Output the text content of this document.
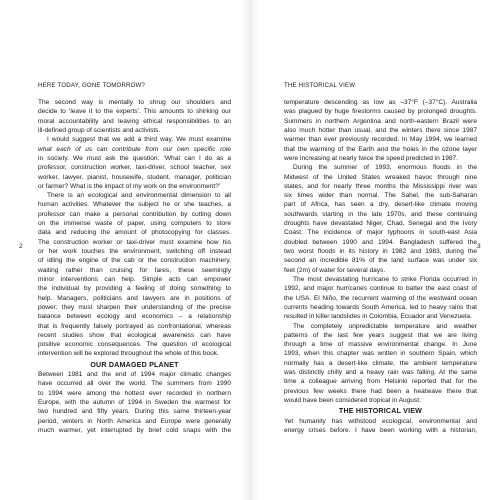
HERE TODAY, GONE TOMORROW?
2
The second way is mentally to shrug our shoulders and
decide to ‘leave it to the experts’. This amounts to shirking our
moral accountability and leaving ethical responsibilities to an
ill-defined group of scientists and activists.
I would suggest that we add a third way. We must examine
what each of us can contribute from our own specific role
in society. We must ask the question: ‘What can I do as a
professor, construction worker, taxi-driver, school teacher, sex
worker, lawyer, pianist, housewife, student, manager, politician
or farmer? What is the impact of my work on the environment?’
There is an ecological and environmental dimension to all
human activities. Whatever the subject he or she teaches, a
professor can make a personal contribution by cutting down
on the immense waste of paper, using computers to store
data and reducing the amount of photocopying for classes.
The construction worker or taxi-driver must examine how his
or her work touches the environment, switching off instead
of idling the engine of the cab or the construction machinery,
waiting rather than cruising for fares, these seemingly
minor interventions can help. Simple acts can empower
the individual by providing a feeling of doing something to
help. Managers, politicians and lawyers are in positions of
power; they must sharpen their understanding of the precise
balance between ecology and economics – a relationship
that is frequently falsely portrayed as confrontational, whereas
recent studies show that ecological awareness can have
positive economic consequences. The question of ecological
intervention will be explored throughout the whole of this book.
OUR DAMAGED PLANET
Between 1981 and the end of 1994 major climatic changes
have occurred all over the world. The summers from 1990
to 1994 were among the hottest ever recorded in northern
Europe, with the autumn of 1994 in Sweden the warmest for
two hundred and fifty years. During this same thirteen-year
period, winters in North America and Europe were generally
much warmer, yet interrupted by brief cold snaps with the
THE HISTORICAL VIEW
3
temperature descending as low as –37°F (–37°C). Australia
was plagued by huge firestorms caused by prolonged droughts.
Summers in northern Argentina and north-eastern Brazil were
also much hotter than usual, and the winters there since 1987
warmer than ever previously recorded. In May 1994, we learned
that the warming of the Earth and the holes in the ozone layer
were increasing at nearly twice the speed predicted in 1987.
During the summer of 1993, enormous floods in the
Midwest of the United States wreaked havoc through nine
states, and for nearly three months the Mississippi river was
six times wider than normal. The Sahel, the sub-Saharan
part of Africa, has seen a dry, desert-like climate moving
southwards starting in the late 1970s, and these continuing
droughts have devastated Niger, Chad, Senegal and the Ivory
Coast. The incidence of major typhoons in south-east Asia
doubled between 1990 and 1994. Bangladesh suffered the
two worst floods in its history in 1982 and 1983, during the
second an incredible 81% of the land surface was under six
feet (2m) of water for several days.
The most devastating hurricane to strike Florida occurred in
1992, and major hurricanes continue to batter the east coast of
the USA. El Niño, the recurrent warming of the westward ocean
currents heading towards South America, led to heavy rains that
resulted in killer landslides in Colombia, Ecuador and Venezuela.
The completely unpredictable temperature and weather
patterns of the last few years suggest that we are living
through a time of massive environmental change. In June
1993, when this chapter was written in southern Spain, which
normally has a desert-like climate, the ambient temperature
was distinctly chilly and a heavy rain was falling. At the same
time a colleague arriving from Helsinki reported that for the
previous few weeks there had been a heatwave there that
would have been considered tropical in August.
THE HISTORICAL VIEW
Yet humanity has withstood ecological, environmental and
energy crises before. I have been working with a historian,
